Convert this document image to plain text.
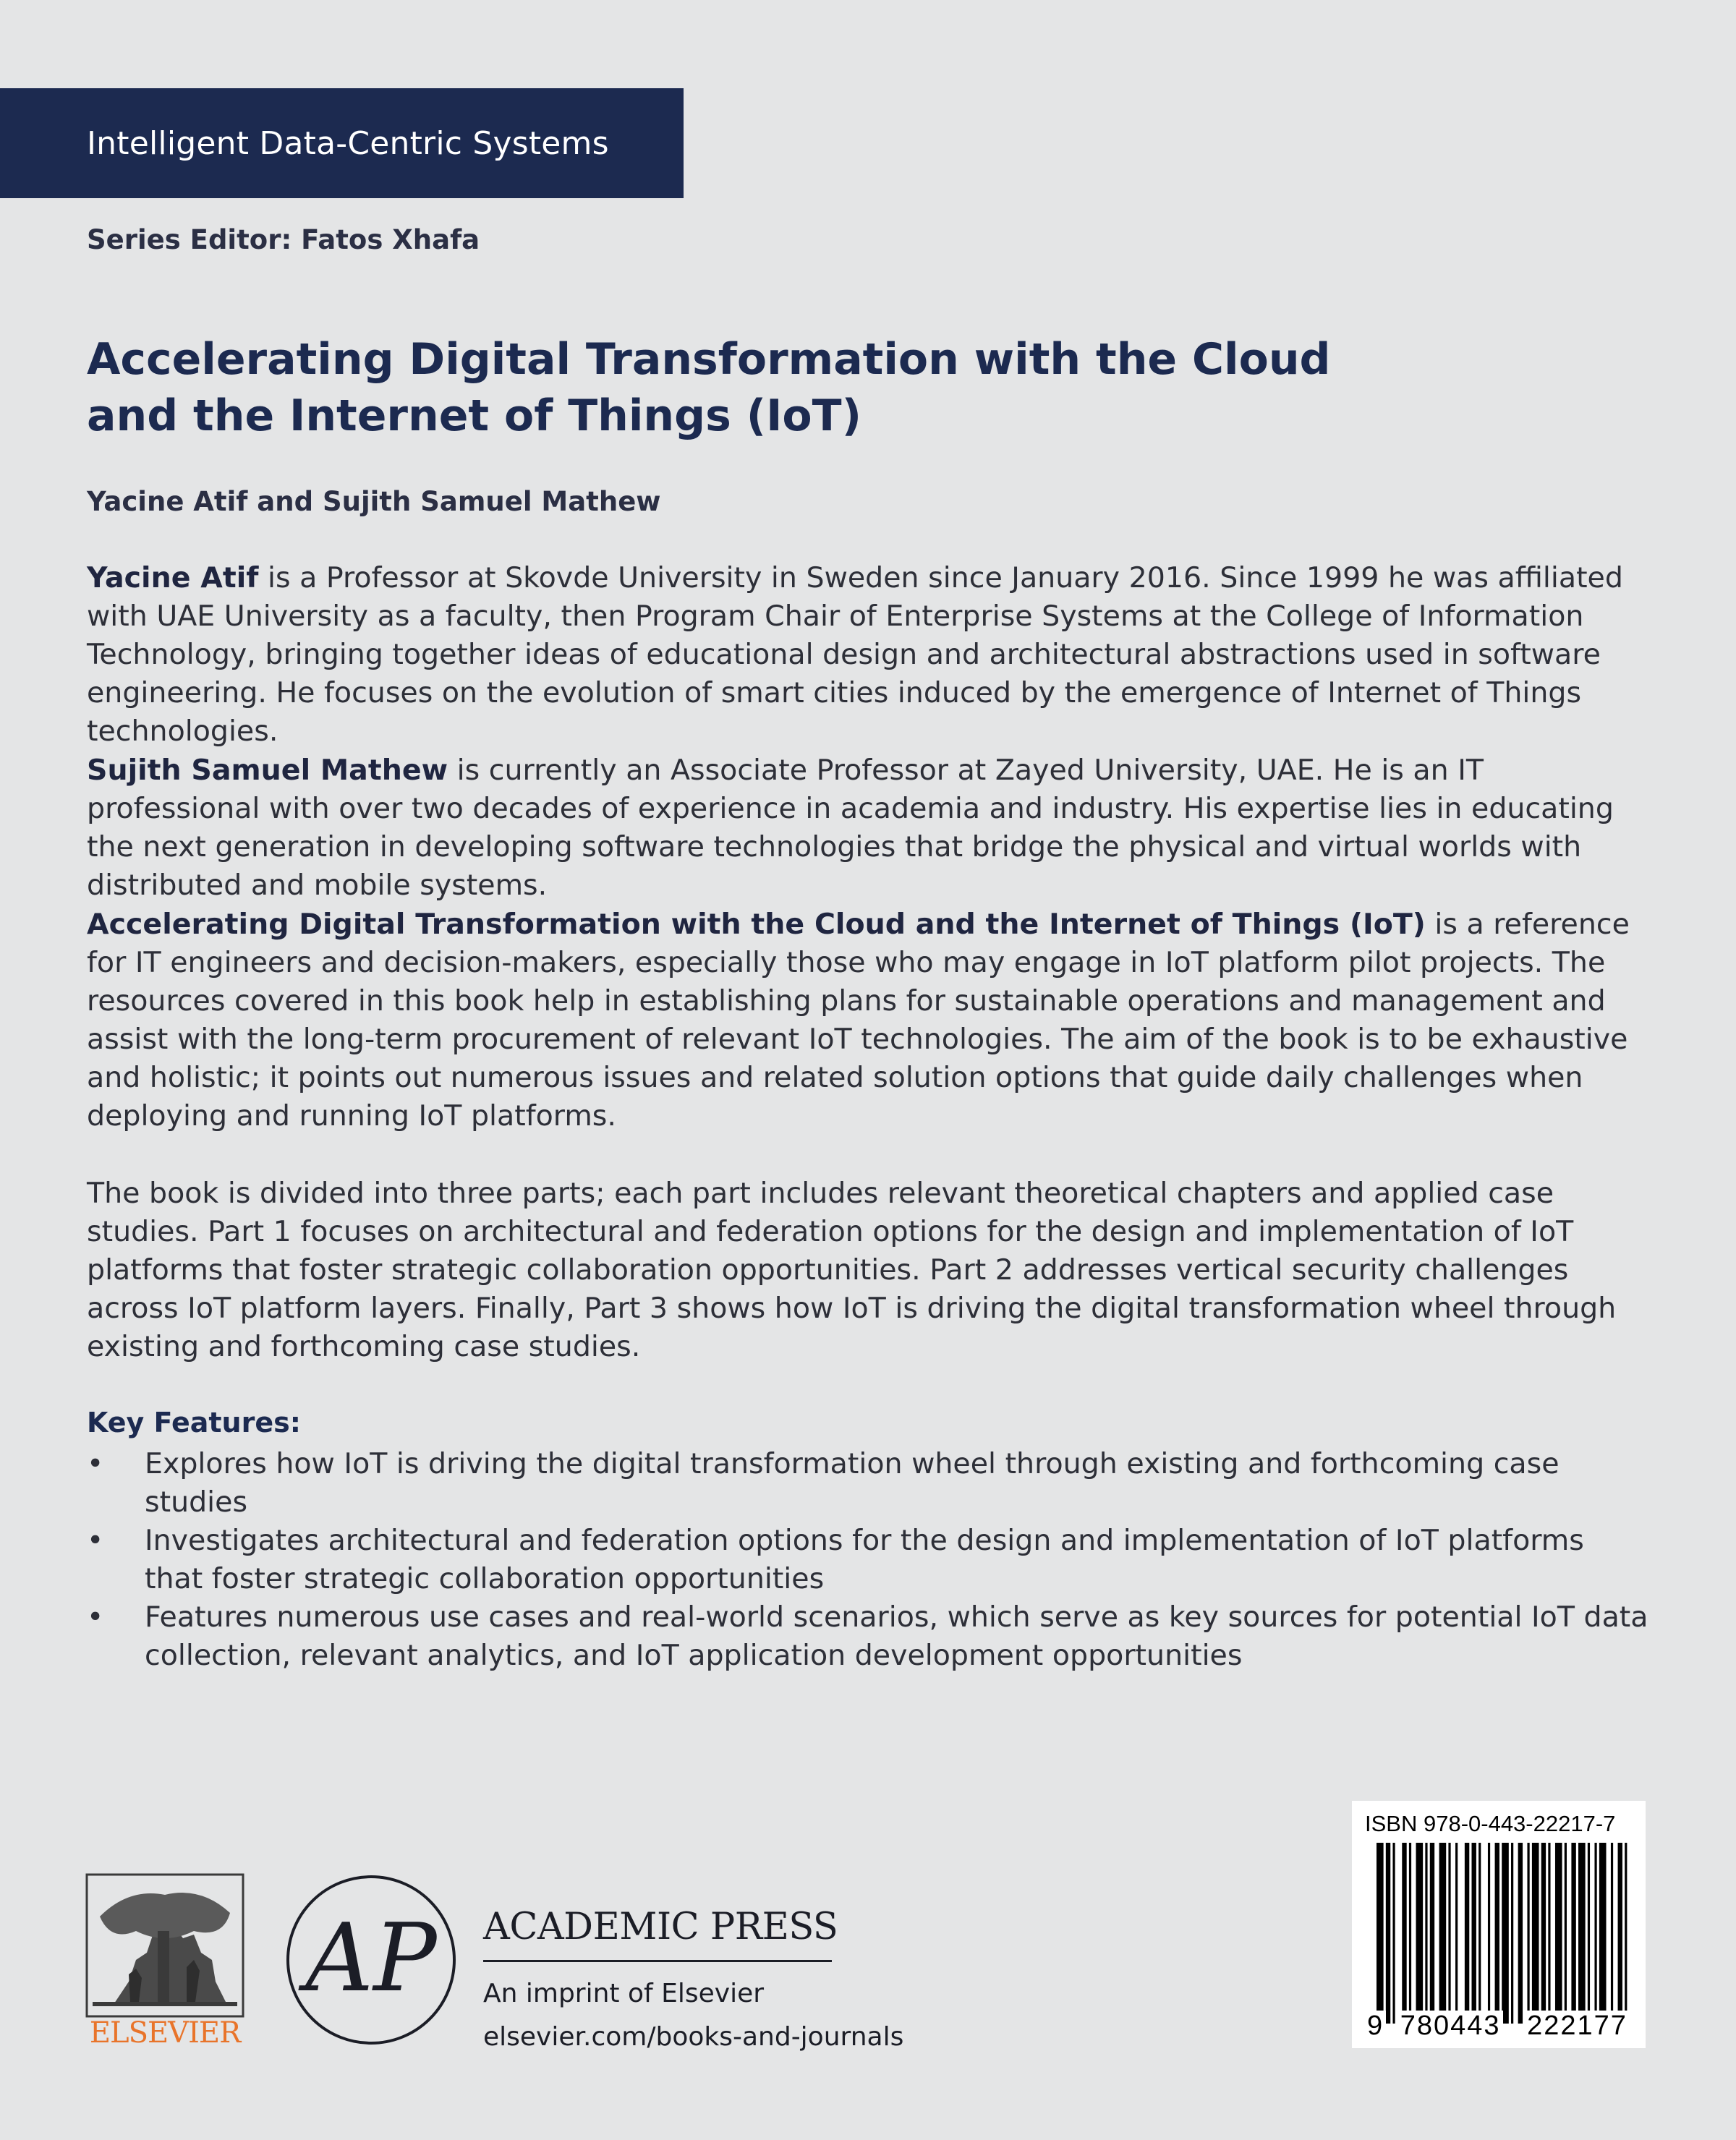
Intelligent Data-Centric Systems
Series Editor: Fatos Xhafa
Accelerating Digital Transformation with the Cloud
and the Internet of Things (IoT)
Yacine Atif and Sujith Samuel Mathew

Yacine Atif is a Professor at Skovde University in Sweden since January 2016. Since 1999 he was affiliated with UAE University as a faculty, then Program Chair of Enterprise Systems at the College of Information Technology, bringing together ideas of educational design and architectural abstractions used in software engineering. He focuses on the evolution of smart cities induced by the emergence of Internet of Things technologies.

Sujith Samuel Mathew is currently an Associate Professor at Zayed University, UAE. He is an IT professional with over two decades of experience in academia and industry. His expertise lies in educating the next generation in developing software technologies that bridge the physical and virtual worlds with distributed and mobile systems.

Accelerating Digital Transformation with the Cloud and the Internet of Things (IoT) is a reference for IT engineers and decision-makers, especially those who may engage in IoT platform pilot projects. The resources covered in this book help in establishing plans for sustainable operations and management and assist with the long-term procurement of relevant IoT technologies. The aim of the book is to be exhaustive and holistic; it points out numerous issues and related solution options that guide daily challenges when deploying and running IoT platforms.

The book is divided into three parts; each part includes relevant theoretical chapters and applied case studies. Part 1 focuses on architectural and federation options for the design and implementation of IoT platforms that foster strategic collaboration opportunities. Part 2 addresses vertical security challenges across IoT platform layers. Finally, Part 3 shows how IoT is driving the digital transformation wheel through existing and forthcoming case studies.

Key Features:
• Explores how IoT is driving the digital transformation wheel through existing and forthcoming case studies
• Investigates architectural and federation options for the design and implementation of IoT platforms that foster strategic collaboration opportunities
• Features numerous use cases and real-world scenarios, which serve as key sources for potential IoT data collection, relevant analytics, and IoT application development opportunities
ELSEVIER
AP ACADEMIC PRESS
An imprint of Elsevier
elsevier.com/books-and-journals
ISBN 978-0-443-22217-7
9 780443 222177
